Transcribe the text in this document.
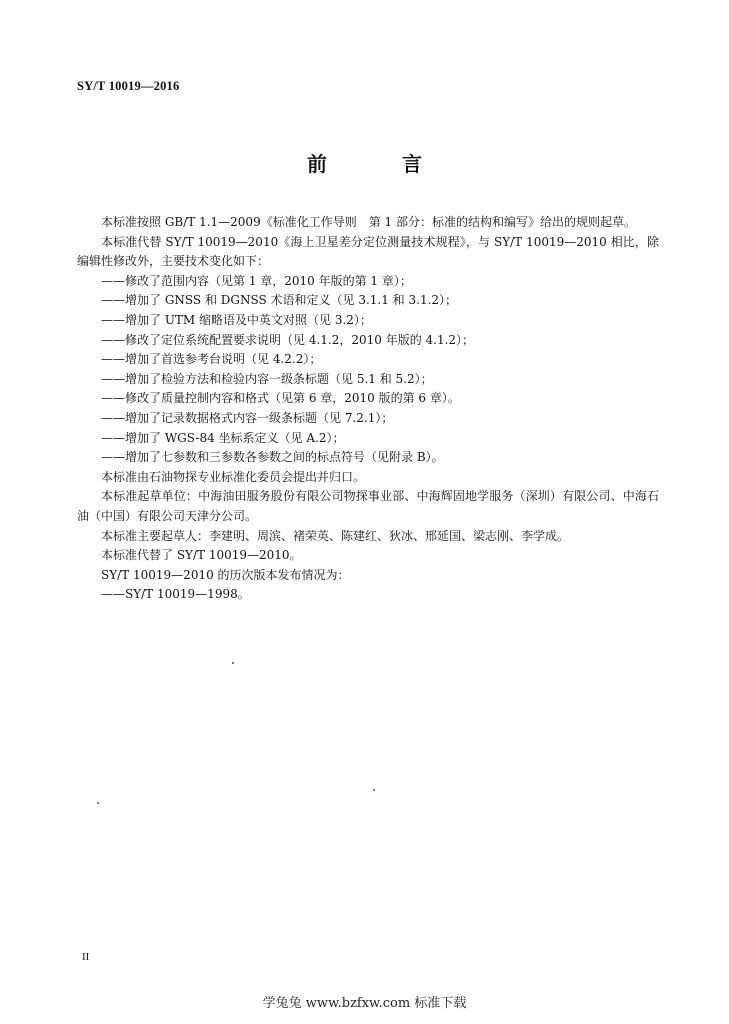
SY/T 10019—2016
前 言

本标准按照 GB/T 1.1—2009《标准化工作导则　第 1 部分：标准的结构和编写》给出的规则起草。

本标准代替 SY/T 10019—2010《海上卫星差分定位测量技术规程》，与 SY/T 10019—2010 相比，除编辑性修改外，主要技术变化如下：

——修改了范围内容（见第 1 章，2010 年版的第 1 章）；

——增加了 GNSS 和 DGNSS 术语和定义（见 3.1.1 和 3.1.2）；

——增加了 UTM 缩略语及中英文对照（见 3.2）；

——修改了定位系统配置要求说明（见 4.1.2，2010 年版的 4.1.2）；

——增加了首选参考台说明（见 4.2.2）；

——增加了检验方法和检验内容一级条标题（见 5.1 和 5.2）；

——修改了质量控制内容和格式（见第 6 章，2010 版的第 6 章）。

——增加了记录数据格式内容一级条标题（见 7.2.1）；

——增加了 WGS-84 坐标系定义（见 A.2）；

——增加了七参数和三参数各参数之间的标点符号（见附录 B）。

本标准由石油物探专业标准化委员会提出并归口。

本标准起草单位：中海油田服务股份有限公司物探事业部、中海辉固地学服务（深圳）有限公司、中海石油（中国）有限公司天津分公司。

本标准主要起草人：李建明、周滨、褚荣英、陈建红、狄冰、邢延国、梁志刚、李学成。

本标准代替了 SY/T 10019—2010。

SY/T 10019—2010 的历次版本发布情况为：

——SY/T 10019—1998。

II
学兔兔 www.bzfxw.com 标准下载
